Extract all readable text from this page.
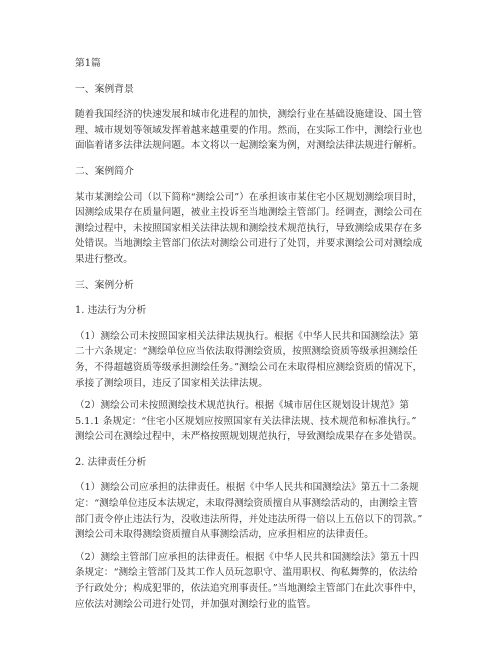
第1篇
一、案例背景
随着我国经济的快速发展和城市化进程的加快，测绘行业在基础设施建设、国土管
理、城市规划等领域发挥着越来越重要的作用。然而，在实际工作中，测绘行业也
面临着诸多法律法规问题。本文将以一起测绘案为例，对测绘法律法规进行解析。
二、案例简介
某市某测绘公司（以下简称“测绘公司”）在承担该市某住宅小区规划测绘项目时，
因测绘成果存在质量问题，被业主投诉至当地测绘主管部门。经调查，测绘公司在
测绘过程中，未按照国家相关法律法规和测绘技术规范执行，导致测绘成果存在多
处错误。当地测绘主管部门依法对测绘公司进行了处罚，并要求测绘公司对测绘成
果进行整改。
三、案例分析
1. 违法行为分析
（1）测绘公司未按照国家相关法律法规执行。根据《中华人民共和国测绘法》第
二十六条规定：“测绘单位应当依法取得测绘资质，按照测绘资质等级承担测绘任
务，不得超越资质等级承担测绘任务。”测绘公司在未取得相应测绘资质的情况下，
承接了测绘项目，违反了国家相关法律法规。
（2）测绘公司未按照测绘技术规范执行。根据《城市居住区规划设计规范》第
5.1.1 条规定：“住宅小区规划应按照国家有关法律法规、技术规范和标准执行。”
测绘公司在测绘过程中，未严格按照规划规范执行，导致测绘成果存在多处错误。
2. 法律责任分析
（1）测绘公司应承担的法律责任。根据《中华人民共和国测绘法》第五十二条规
定：“测绘单位违反本法规定，未取得测绘资质擅自从事测绘活动的，由测绘主管
部门责令停止违法行为，没收违法所得，并处违法所得一倍以上五倍以下的罚款。”
测绘公司未取得测绘资质擅自从事测绘活动，应承担相应的法律责任。
（2）测绘主管部门应承担的法律责任。根据《中华人民共和国测绘法》第五十四
条规定：“测绘主管部门及其工作人员玩忽职守、滥用职权、徇私舞弊的，依法给
予行政处分；构成犯罪的，依法追究刑事责任。”当地测绘主管部门在此次事件中，
应依法对测绘公司进行处罚，并加强对测绘行业的监管。
